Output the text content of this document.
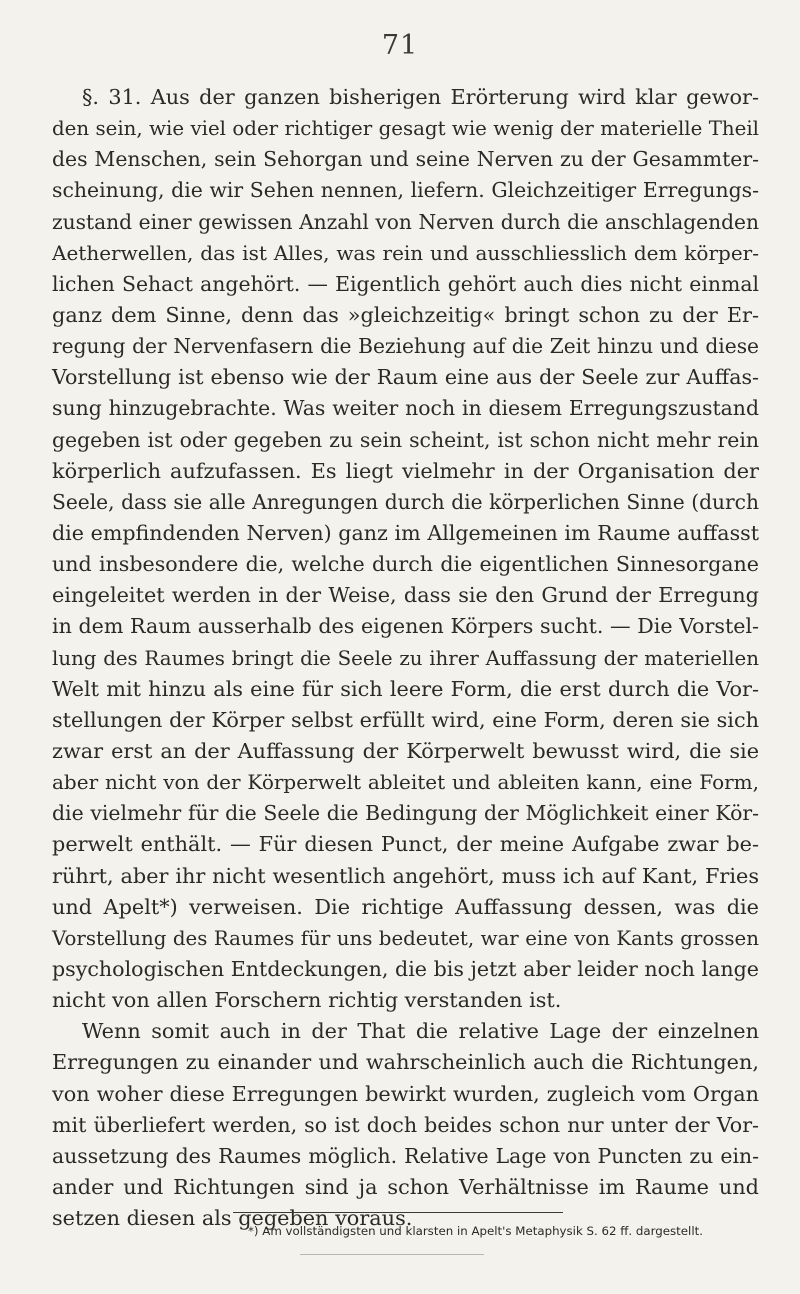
71
§. 31. Aus der ganzen bisherigen Erörterung wird klar gewor-
den sein, wie viel oder richtiger gesagt wie wenig der materielle Theil
des Menschen, sein Sehorgan und seine Nerven zu der Gesammter-
scheinung, die wir Sehen nennen, liefern. Gleichzeitiger Erregungs-
zustand einer gewissen Anzahl von Nerven durch die anschlagenden
Aetherwellen, das ist Alles, was rein und ausschliesslich dem körper-
lichen Sehact angehört. — Eigentlich gehört auch dies nicht einmal
ganz dem Sinne, denn das »gleichzeitig« bringt schon zu der Er-
regung der Nervenfasern die Beziehung auf die Zeit hinzu und diese
Vorstellung ist ebenso wie der Raum eine aus der Seele zur Auffas-
sung hinzugebrachte. Was weiter noch in diesem Erregungszustand
gegeben ist oder gegeben zu sein scheint, ist schon nicht mehr rein
körperlich aufzufassen. Es liegt vielmehr in der Organisation der
Seele, dass sie alle Anregungen durch die körperlichen Sinne (durch
die empfindenden Nerven) ganz im Allgemeinen im Raume auffasst
und insbesondere die, welche durch die eigentlichen Sinnesorgane
eingeleitet werden in der Weise, dass sie den Grund der Erregung
in dem Raum ausserhalb des eigenen Körpers sucht. — Die Vorstel-
lung des Raumes bringt die Seele zu ihrer Auffassung der materiellen
Welt mit hinzu als eine für sich leere Form, die erst durch die Vor-
stellungen der Körper selbst erfüllt wird, eine Form, deren sie sich
zwar erst an der Auffassung der Körperwelt bewusst wird, die sie
aber nicht von der Körperwelt ableitet und ableiten kann, eine Form,
die vielmehr für die Seele die Bedingung der Möglichkeit einer Kör-
perwelt enthält. — Für diesen Punct, der meine Aufgabe zwar be-
rührt, aber ihr nicht wesentlich angehört, muss ich auf Kant, Fries
und Apelt*) verweisen. Die richtige Auffassung dessen, was die
Vorstellung des Raumes für uns bedeutet, war eine von Kants grossen
psychologischen Entdeckungen, die bis jetzt aber leider noch lange
nicht von allen Forschern richtig verstanden ist.
Wenn somit auch in der That die relative Lage der einzelnen
Erregungen zu einander und wahrscheinlich auch die Richtungen,
von woher diese Erregungen bewirkt wurden, zugleich vom Organ
mit überliefert werden, so ist doch beides schon nur unter der Vor-
aussetzung des Raumes möglich. Relative Lage von Puncten zu ein-
ander und Richtungen sind ja schon Verhältnisse im Raume und
setzen diesen als gegeben voraus.
*) Am vollständigsten und klarsten in Apelt's Metaphysik S. 62 ff. dargestellt.
